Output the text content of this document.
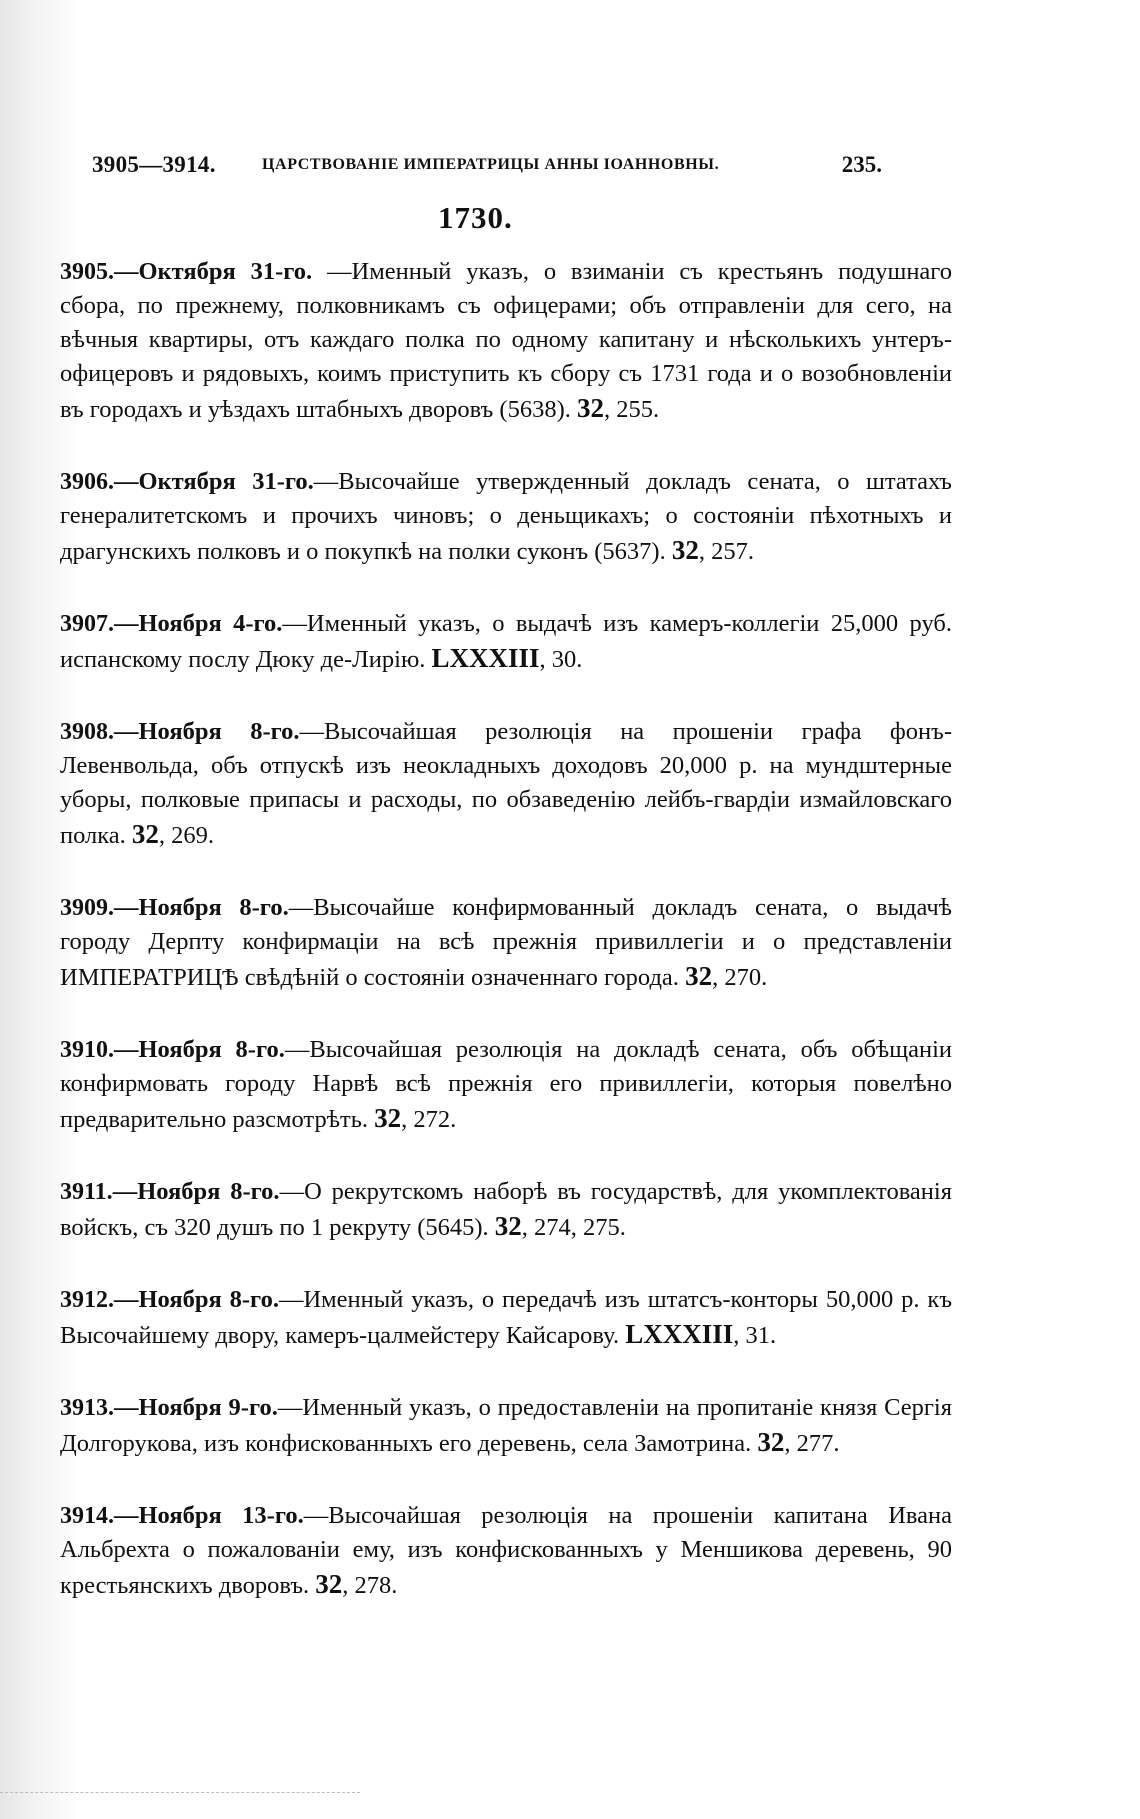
3905—3914.	ЦАРСТВОВАНІЕ ИМПЕРАТРИЦЫ АННЫ ІОАННОВНЫ.	235.
1730.

3905.—Октября 31-го. —Именный указъ, о взиманіи съ крестьянъ подушнаго сбора, по прежнему, полковникамъ съ офицерами; объ отправленіи для сего, на вѣчныя квартиры, отъ каждаго полка по одному капитану и нѣсколькихъ унтеръ-офицеровъ и рядовыхъ, коимъ приступить къ сбору съ 1731 года и о возобновленіи въ городахъ и уѣздахъ штабныхъ дворовъ (5638). 32, 255.

3906.—Октября 31-го.—Высочайше утвержденный докладъ сената, о штатахъ генералитетскомъ и прочихъ чиновъ; о деньщикахъ; о состояніи пѣхотныхъ и драгунскихъ полковъ и о покупкѣ на полки суконъ (5637). 32, 257.

3907.—Ноября 4-го.—Именный указъ, о выдачѣ изъ камеръ-коллегіи 25,000 руб. испанскому послу Дюку де-Лирію. LXXXIII, 30.

3908.—Ноября 8-го.—Высочайшая резолюція на прошеніи графа фонъ-Левенвольда, объ отпускѣ изъ неокладныхъ доходовъ 20,000 р. на мундштерные уборы, полковые припасы и расходы, по обзаведенію лейбъ-гвардіи измайловскаго полка. 32, 269.

3909.—Ноября 8-го.—Высочайше конфирмованный докладъ сената, о выдачѣ городу Дерпту конфирмаціи на всѣ прежнія привиллегіи и о представленіи ИМПЕРАТРИЦѢ свѣдѣній о состояніи означеннаго города. 32, 270.

3910.—Ноября 8-го.—Высочайшая резолюція на докладѣ сената, объ обѣщаніи конфирмовать городу Нарвѣ всѣ прежнія его привиллегіи, которыя повелѣно предварительно разсмотрѣть. 32, 272.

3911.—Ноября 8-го.—О рекрутскомъ наборѣ въ государствѣ, для укомплектованія войскъ, съ 320 душъ по 1 рекруту (5645). 32, 274, 275.

3912.—Ноября 8-го.—Именный указъ, о передачѣ изъ штатсъ-конторы 50,000 р. къ Высочайшему двору, камеръ-цалмейстеру Кайсарову. LXXXIII, 31.

3913.—Ноября 9-го.—Именный указъ, о предоставленіи на пропитаніе князя Сергія Долгорукова, изъ конфискованныхъ его деревень, села Замотрина. 32, 277.

3914.—Ноября 13-го.—Высочайшая резолюція на прошеніи капитана Ивана Альбрехта о пожалованіи ему, изъ конфискованныхъ у Меншикова деревень, 90 крестьянскихъ дворовъ. 32, 278.
